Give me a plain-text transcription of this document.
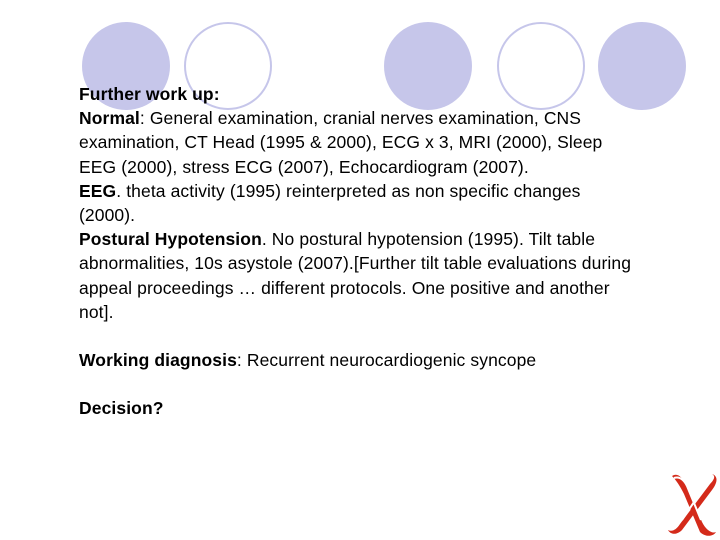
Further work up:

Normal: General examination, cranial nerves examination, CNS examination, CT Head (1995 & 2000), ECG x 3, MRI (2000), Sleep EEG (2000), stress ECG (2007), Echocardiogram (2007).

EEG. theta activity (1995) reinterpreted as non specific changes (2000).

Postural Hypotension. No postural hypotension (1995). Tilt table abnormalities, 10s asystole (2007).[Further tilt table evaluations during appeal proceedings … different protocols. One positive and another not].

Working diagnosis: Recurrent neurocardiogenic syncope

Decision?
